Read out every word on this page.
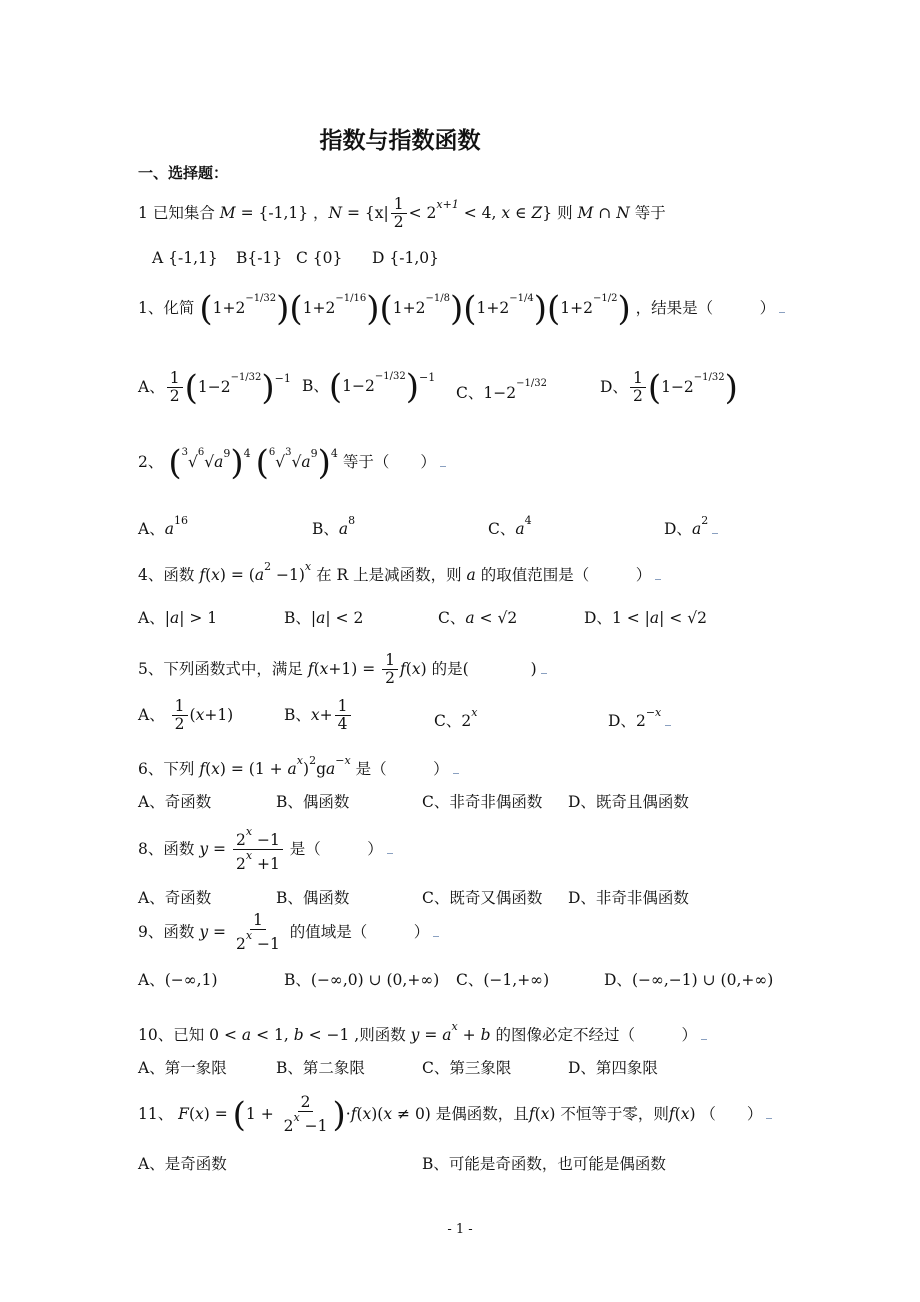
指数与指数函数
一、选择题：
1 已知集合 M = {-1,1} ，$N = \{x| \frac{1}{2} < 2^{x+1} < 4$, x ∈ Z} 则 M ∩ N 等于
A {-1,1} B{-1} C {0} D {-1,0}
1、化简 $(1+2^{-1/32})(1+2^{-1/16})(1+2^{-1/8})(1+2^{-1/4})(1+2^{-1/2})$ ，结果是（　　　）
A、 $\frac{1}{2} (1-2^{-1/32})^{-1}$ B、$(1-2^{-1/32})^{-1}$
C、$1-2^{-1/32}$	D、 $\frac{1}{2} (1-2^{-1/32})$
2、 $(^3√^6√a^9)^4$ $(^6√^3√a^9)^4$ 等于（　　）
A、$a^{16}$	B、$a^8$	C、$a^4$	D、$a^2$
4、函数 $f(x) = (a^2 -1)^x$ 在 R 上是减函数，则 a 的取值范围是（　　　）
A、|a| > 1	B、|a| < 2	C、a < √2	D、1 < |a| < √2
5、下列函数式中，满足 $f(x+1) = \frac{1}{2} f(x)$ 的是(　　　　)
A、 $\frac{1}{2} (x+1)$	B、$x+ \frac{1}{4}$	C、2$^x$	D、$2^{-x}$
6、下列 $f(x) = (1 + a^x)^2ga^{-x}$ 是（　　　）
A、奇函数	B、偶函数	C、非奇非偶函数 D、既奇且偶函数
8、函数 $y = \frac{2^x -1}{2^x +1}$ 是（　　　）
A、奇函数	B、偶函数	C、既奇又偶函数 D、非奇非偶函数
9、函数 $y = \frac{1}{2^x -1}$ 的值域是（　　　）
A、(−∞,1)	B、(−∞,0) ∪ (0,+∞) C、(−1,+∞)	D、(−∞,−1) ∪ (0,+∞)
10、已知 0 < a < 1, b < −1 ,则函数 $y = a^x + b$ 的图像必定不经过（　　　）
A、第一象限	B、第二象限	C、第三象限	D、第四象限
11、 $F(x) = (1 + \frac{2}{2^x -1} )\cdot f(x)(x \ne 0)$ 是偶函数，且f(x) 不恒等于零，则f(x) （　　）
A、是奇函数	B、可能是奇函数，也可能是偶函数
- 1 -
